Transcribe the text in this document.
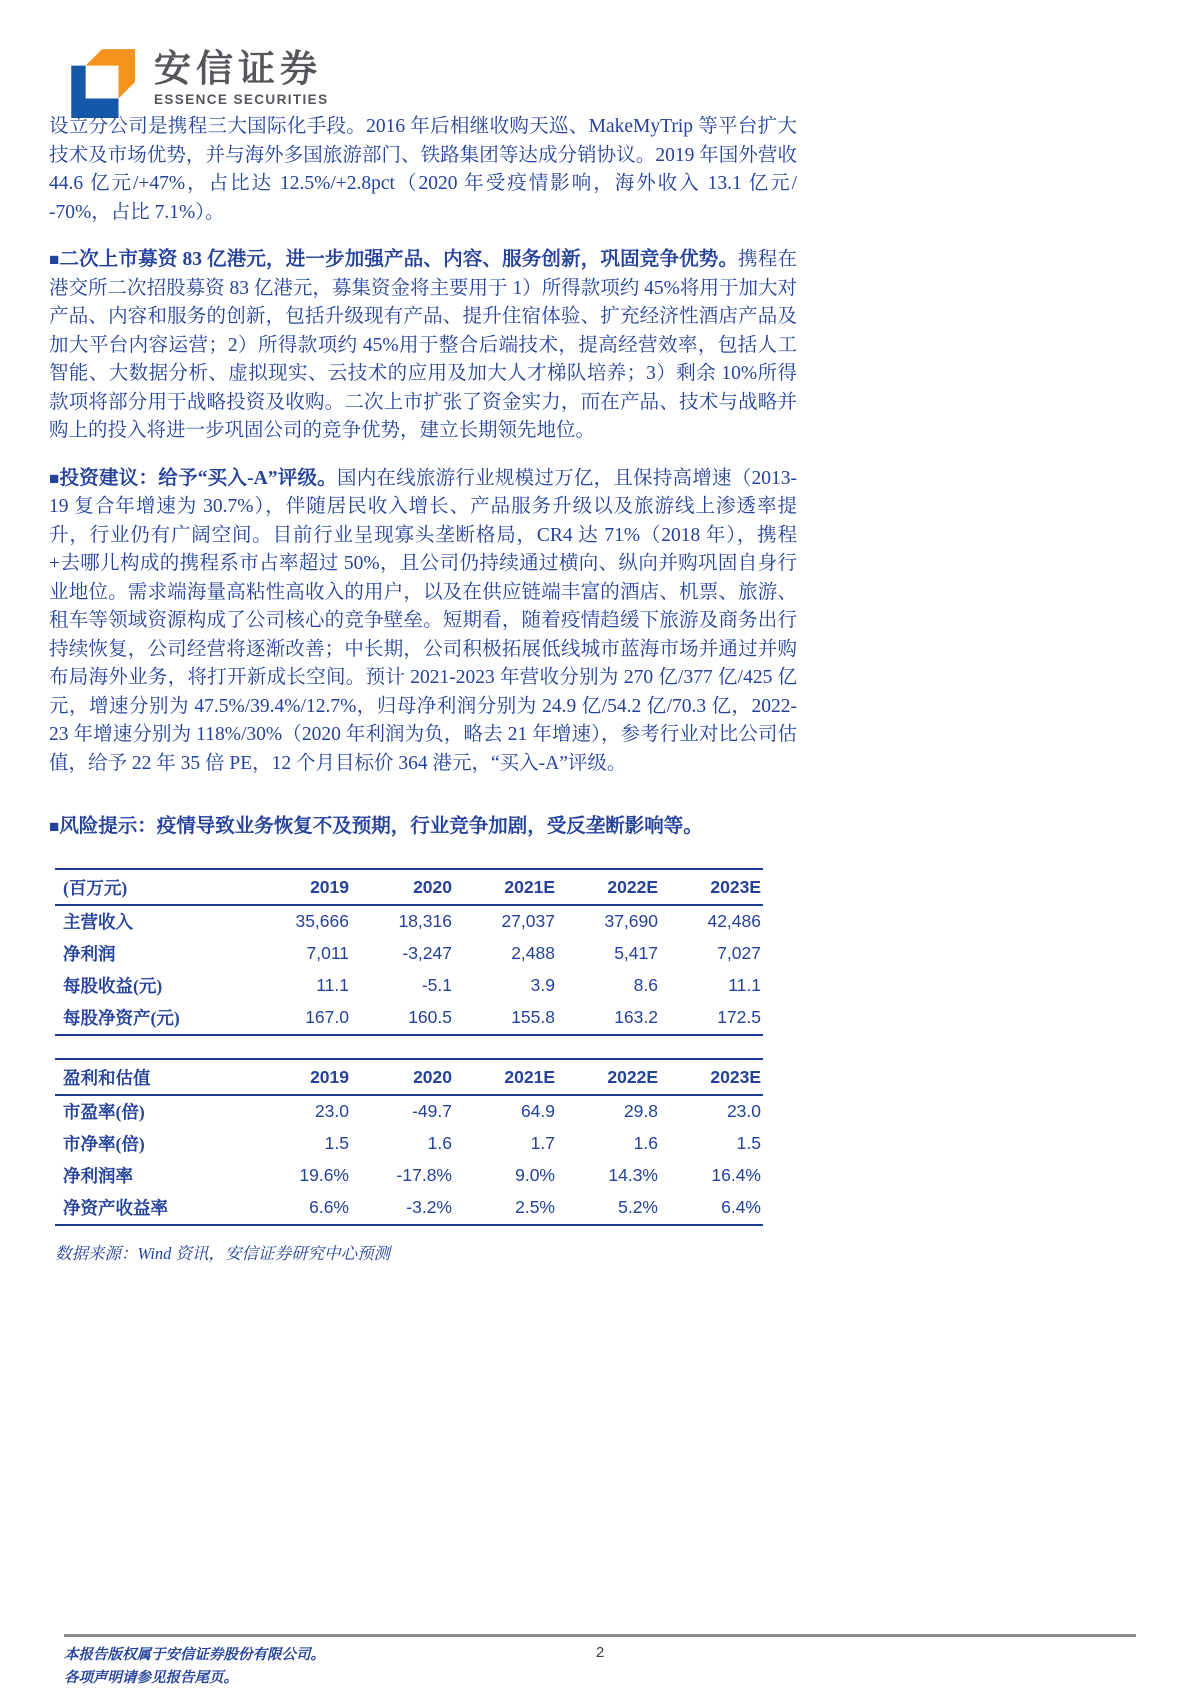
安信证券
ESSENCE SECURITIES

设立分公司是携程三大国际化手段。2016 年后相继收购天巡、MakeMyTrip 等平台扩大技术及市场优势，并与海外多国旅游部门、铁路集团等达成分销协议。2019 年国外营收 44.6 亿元/+47%，占比达 12.5%/+2.8pct（2020 年受疫情影响，海外收入 13.1 亿元/ -70%，占比 7.1%）。

■二次上市募资 83 亿港元，进一步加强产品、内容、服务创新，巩固竞争优势。携程在港交所二次招股募资 83 亿港元，募集资金将主要用于 1）所得款项约 45%将用于加大对产品、内容和服务的创新，包括升级现有产品、提升住宿体验、扩充经济性酒店产品及加大平台内容运营；2）所得款项约 45%用于整合后端技术，提高经营效率，包括人工智能、大数据分析、虚拟现实、云技术的应用及加大人才梯队培养；3）剩余 10%所得款项将部分用于战略投资及收购。二次上市扩张了资金实力，而在产品、技术与战略并购上的投入将进一步巩固公司的竞争优势，建立长期领先地位。

■投资建议：给予“买入-A”评级。国内在线旅游行业规模过万亿，且保持高增速（2013-19 复合年增速为 30.7%），伴随居民收入增长、产品服务升级以及旅游线上渗透率提升，行业仍有广阔空间。目前行业呈现寡头垄断格局，CR4 达 71%（2018 年），携程+去哪儿构成的携程系市占率超过 50%，且公司仍持续通过横向、纵向并购巩固自身行业地位。需求端海量高粘性高收入的用户，以及在供应链端丰富的酒店、机票、旅游、租车等领域资源构成了公司核心的竞争壁垒。短期看，随着疫情趋缓下旅游及商务出行持续恢复，公司经营将逐渐改善；中长期，公司积极拓展低线城市蓝海市场并通过并购布局海外业务，将打开新成长空间。预计 2021-2023 年营收分别为 270 亿/377 亿/425 亿元，增速分别为 47.5%/39.4%/12.7%，归母净利润分别为 24.9 亿/54.2 亿/70.3 亿，2022-23 年增速分别为 118%/30%（2020 年利润为负，略去 21 年增速），参考行业对比公司估值，给予 22 年 35 倍 PE，12 个月目标价 364 港元，“买入-A”评级。

■风险提示：疫情导致业务恢复不及预期，行业竞争加剧，受反垄断影响等。

(百万元)	2019	2020	2021E	2022E	2023E
主营收入	35,666	18,316	27,037	37,690	42,486
净利润	7,011	-3,247	2,488	5,417	7,027
每股收益(元)	11.1	-5.1	3.9	8.6	11.1
每股净资产(元)	167.0	160.5	155.8	163.2	172.5
盈利和估值	2019	2020	2021E	2022E	2023E
市盈率(倍)	23.0	-49.7	64.9	29.8	23.0
市净率(倍)	1.5	1.6	1.7	1.6	1.5
净利润率	19.6%	-17.8%	9.0%	14.3%	16.4%
净资产收益率	6.6%	-3.2%	2.5%	5.2%	6.4%
数据来源：Wind 资讯，安信证券研究中心预测
本报告版权属于安信证券股份有限公司。
各项声明请参见报告尾页。
2
